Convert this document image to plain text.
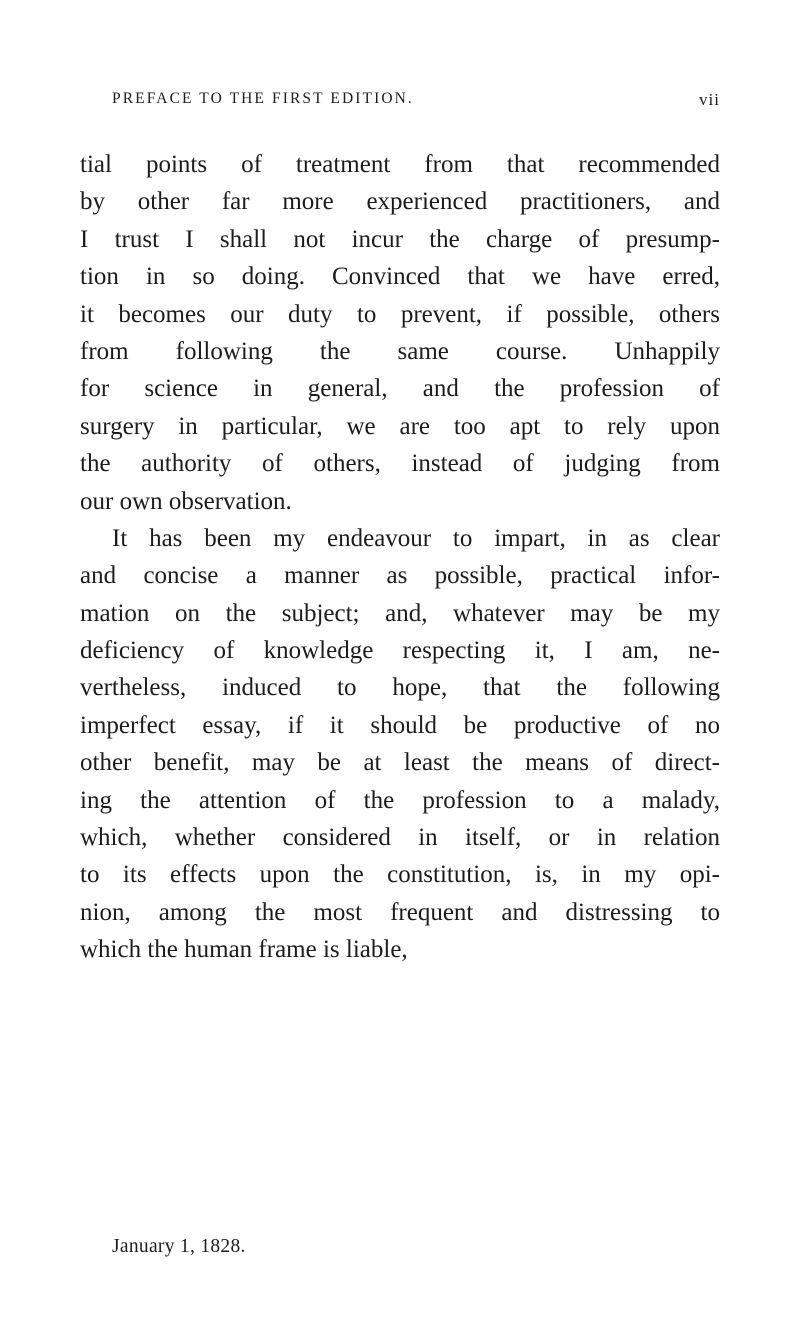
PREFACE TO THE FIRST EDITION.	vii
tial points of treatment from that recommended
by other far more experienced practitioners, and
I trust I shall not incur the charge of presump-
tion in so doing. Convinced that we have erred,
it becomes our duty to prevent, if possible, others
from following the same course. Unhappily
for science in general, and the profession of
surgery in particular, we are too apt to rely upon
the authority of others, instead of judging from
our own observation.
It has been my endeavour to impart, in as clear
and concise a manner as possible, practical infor-
mation on the subject; and, whatever may be my
deficiency of knowledge respecting it, I am, ne-
vertheless, induced to hope, that the following
imperfect essay, if it should be productive of no
other benefit, may be at least the means of direct-
ing the attention of the profession to a malady,
which, whether considered in itself, or in relation
to its effects upon the constitution, is, in my opi-
nion, among the most frequent and distressing to
which the human frame is liable,
January 1, 1828.
